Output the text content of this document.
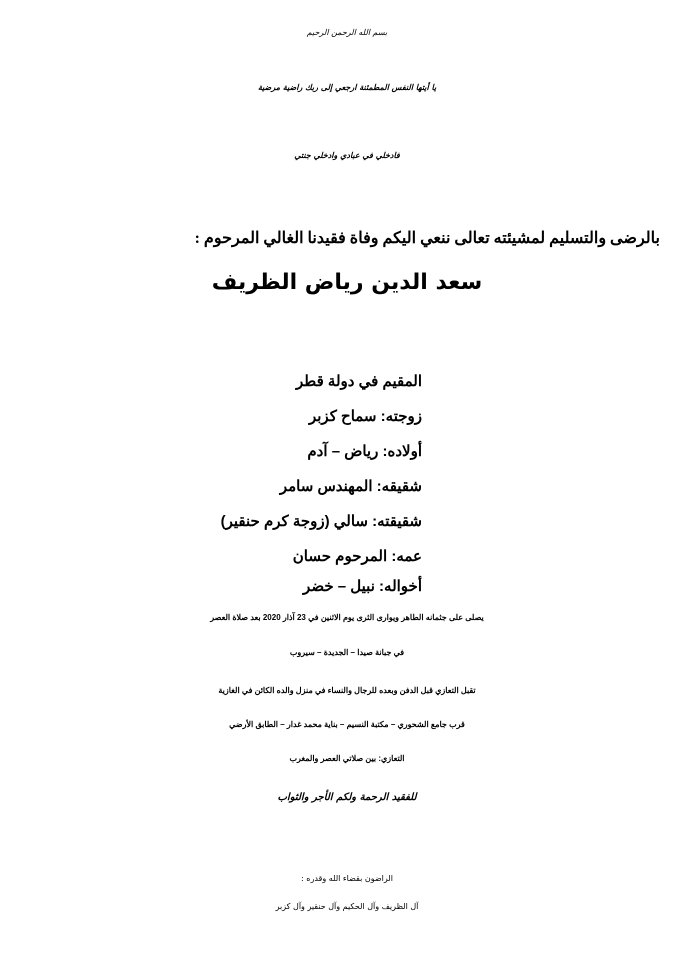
بسم الله الرحمن الرحيم
يا أيتها النفس المطمئنة ارجعي إلى ربك راضية مرضية
فادخلي في عبادي وادخلي جنتي
بالرضى والتسليم لمشيئته تعالى ننعي اليكم وفاة فقيدنا الغالي المرحوم :
سعد الدين رياض الظريف
المقيم في دولة قطر
زوجته: سماح كزبر
أولاده: رياض – آدم
شقيقه: المهندس سامر
شقيقته: سالي (زوجة كرم حنقير)
عمه: المرحوم حسان
أخواله: نبيل – خضر
يصلى على جثمانه الطاهر ويوارى الثرى يوم الاثنين في 23 آذار 2020 بعد صلاة العصر
في جبانة صيدا – الجديدة – سيروب
تقبل التعازي قبل الدفن وبعده للرجال والنساء في منزل والده الكائن في الغازية
قرب جامع الشحوري – مكتبة النسيم – بناية محمد غدار – الطابق الأرضي
التعازي: بين صلاتي العصر والمغرب
للفقيد الرحمة ولكم الأجر والثواب
الراضون بقضاء الله وقدره :
آل الظريف وآل الحكيم وآل حنقير وآل كزبر
